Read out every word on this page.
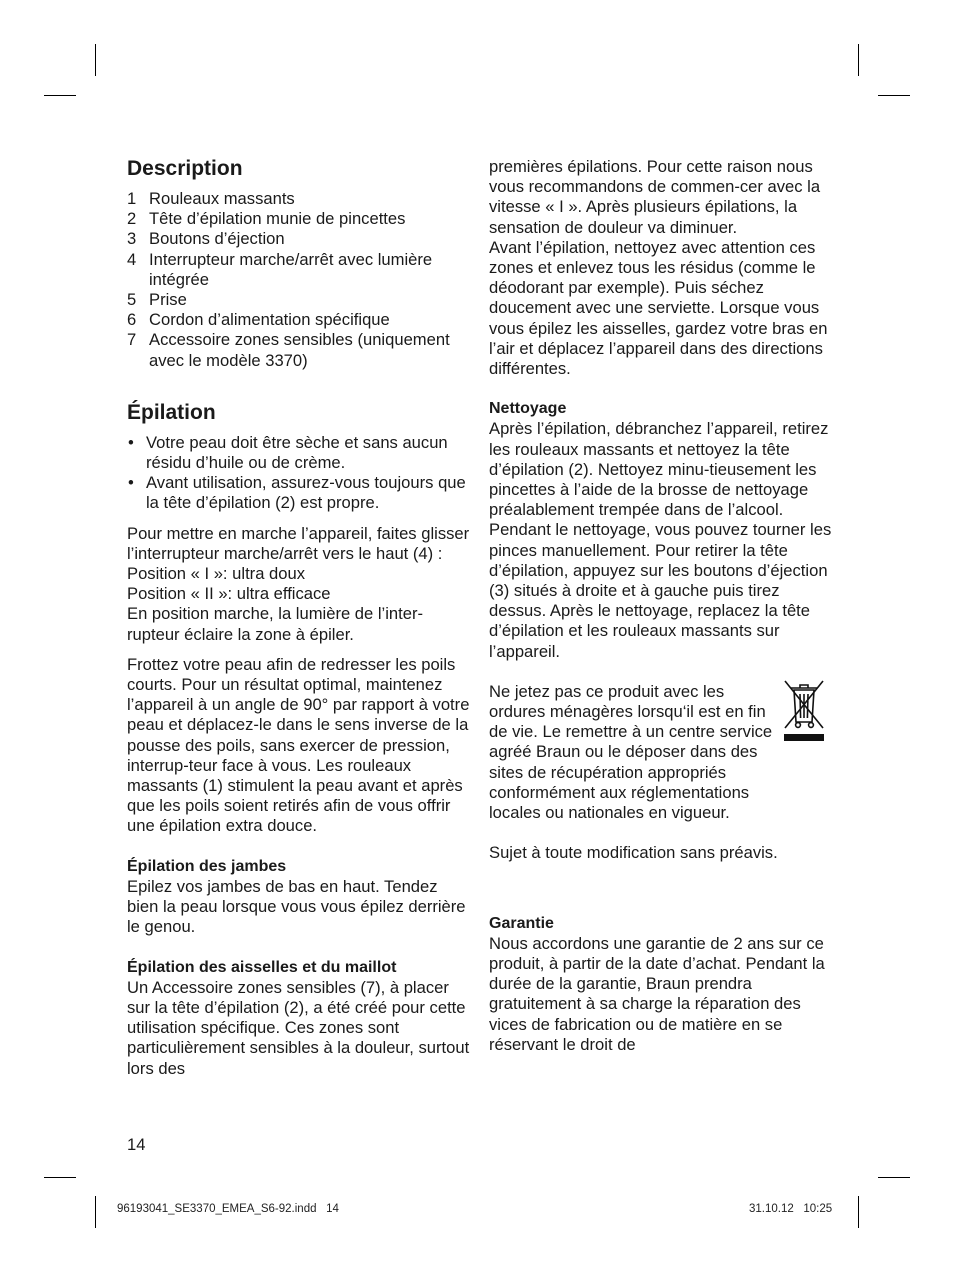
Description
1 Rouleaux massants
2 Tête d’épilation munie de pincettes
3 Boutons d’éjection
4 Interrupteur marche/arrêt avec lumière intégrée
5 Prise
6 Cordon d’alimentation spécifique
7 Accessoire zones sensibles (uniquement avec le modèle 3370)
Épilation
• Votre peau doit être sèche et sans aucun résidu d’huile ou de crème.
• Avant utilisation, assurez-vous toujours que la tête d’épilation (2) est propre.

Pour mettre en marche l’appareil, faites glisser l’interrupteur marche/arrêt vers le haut (4) :

Position « I »: ultra doux

Position « II »: ultra efficace

En position marche, la lumière de l’inter-rupteur éclaire la zone à épiler.

Frottez votre peau afin de redresser les poils courts. Pour un résultat optimal, maintenez l’appareil à un angle de 90° par rapport à votre peau et déplacez-le dans le sens inverse de la pousse des poils, sans exercer de pression, interrup-teur face à vous. Les rouleaux massants (1) stimulent la peau avant et après que les poils soient retirés afin de vous offrir une épilation extra douce.

Épilation des jambes

Epilez vos jambes de bas en haut. Tendez bien la peau lorsque vous vous épilez derrière le genou.

Épilation des aisselles et du maillot

Un Accessoire zones sensibles (7), à placer sur la tête d’épilation (2), a été créé pour cette utilisation spécifique. Ces zones sont particulièrement sensibles à la douleur, surtout lors des

premières épilations. Pour cette raison nous vous recommandons de commen-cer avec la vitesse « I ». Après plusieurs épilations, la sensation de douleur va diminuer.

Avant l’épilation, nettoyez avec attention ces zones et enlevez tous les résidus (comme le déodorant par exemple). Puis séchez doucement avec une serviette. Lorsque vous vous épilez les aisselles, gardez votre bras en l’air et déplacez l’appareil dans des directions différentes.

Nettoyage

Après l’épilation, débranchez l’appareil, retirez les rouleaux massants et nettoyez la tête d’épilation (2). Nettoyez minu-tieusement les pincettes à l’aide de la brosse de nettoyage préalablement trempée dans de l’alcool. Pendant le nettoyage, vous pouvez tourner les pinces manuellement. Pour retirer la tête d’épilation, appuyez sur les boutons d’éjection (3) situés à droite et à gauche puis tirez dessus. Après le nettoyage, replacez la tête d’épilation et les rouleaux massants sur l’appareil.

Ne jetez pas ce produit avec les ordures ménagères lorsqu‘il est en fin de vie. Le remettre à un centre service agréé Braun ou le déposer dans des sites de récupération appropriés conformément aux réglementations locales ou nationales en vigueur.

Sujet à toute modification sans préavis.

Garantie

Nous accordons une garantie de 2 ans sur ce produit, à partir de la date d’achat. Pendant la durée de la garantie, Braun prendra gratuitement à sa charge la réparation des vices de fabrication ou de matière en se réservant le droit de

14
96193041_SE3370_EMEA_S6-92.indd   14	31.10.12   10:25
